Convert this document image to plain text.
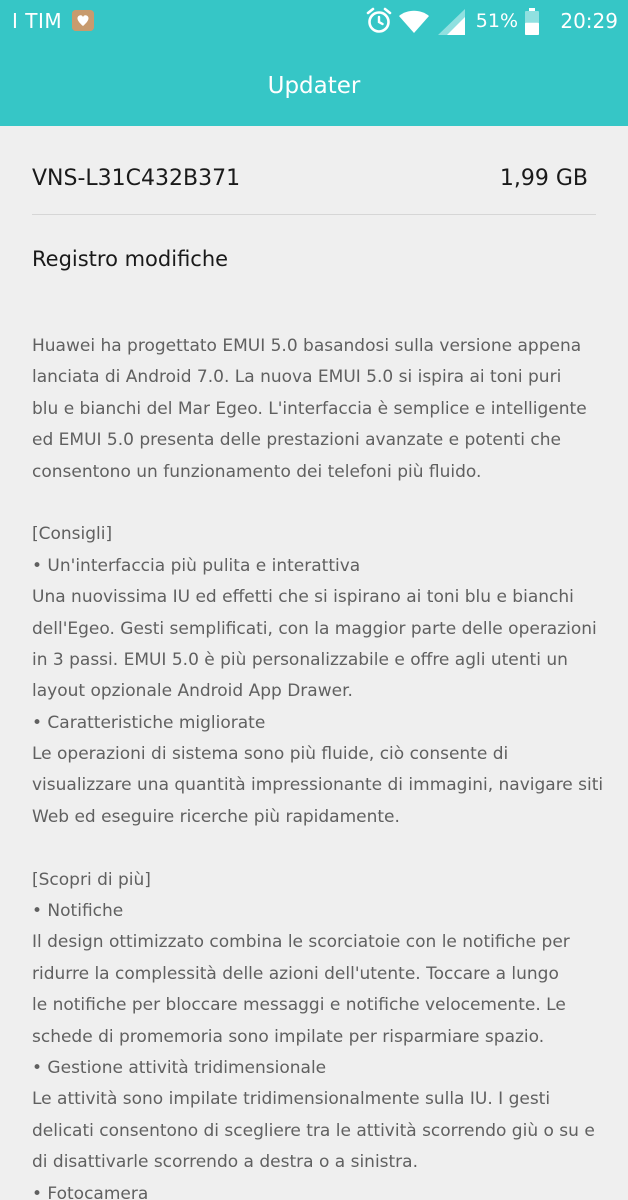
I TIM	51% 20:29
Updater
VNS-L31C432B371	1,99 GB
Registro modifiche
Huawei ha progettato EMUI 5.0 basandosi sulla versione appena
lanciata di Android 7.0. La nuova EMUI 5.0 si ispira ai toni puri
blu e bianchi del Mar Egeo. L'interfaccia è semplice e intelligente
ed EMUI 5.0 presenta delle prestazioni avanzate e potenti che
consentono un funzionamento dei telefoni più fluido.
[Consigli]
• Un'interfaccia più pulita e interattiva
Una nuovissima IU ed effetti che si ispirano ai toni blu e bianchi
dell'Egeo. Gesti semplificati, con la maggior parte delle operazioni
in 3 passi. EMUI 5.0 è più personalizzabile e offre agli utenti un
layout opzionale Android App Drawer.
• Caratteristiche migliorate
Le operazioni di sistema sono più fluide, ciò consente di
visualizzare una quantità impressionante di immagini, navigare siti
Web ed eseguire ricerche più rapidamente.
[Scopri di più]
• Notifiche
Il design ottimizzato combina le scorciatoie con le notifiche per
ridurre la complessità delle azioni dell'utente. Toccare a lungo
le notifiche per bloccare messaggi e notifiche velocemente. Le
schede di promemoria sono impilate per risparmiare spazio.
• Gestione attività tridimensionale
Le attività sono impilate tridimensionalmente sulla IU. I gesti
delicati consentono di scegliere tra le attività scorrendo giù o su e
di disattivarle scorrendo a destra o a sinistra.
• Fotocamera
